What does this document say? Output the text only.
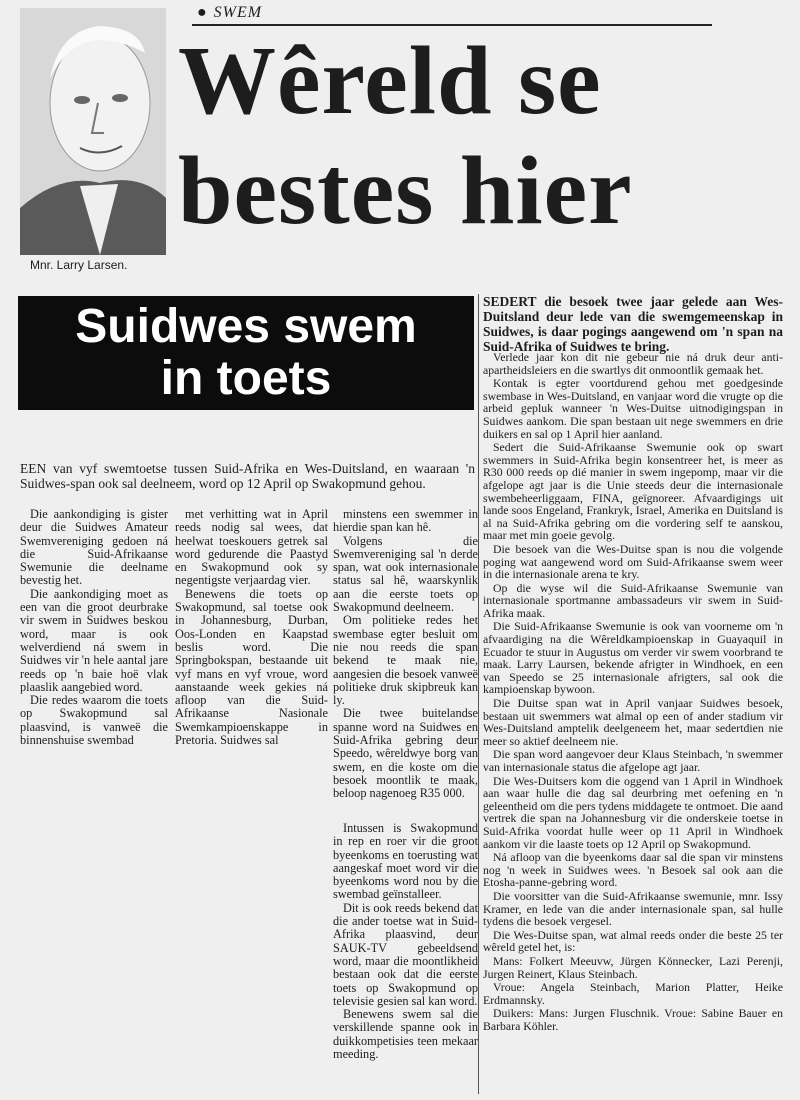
Mnr. Larry Larsen.
● SWEM
Wêreld se
bestes hier
Suidwes swem
in toets
SEDERT die besoek twee jaar gelede aan Wes-Duitsland deur lede van die swemgemeenskap in Suidwes, is daar pogings aangewend om 'n span na Suid-Afrika of Suidwes te bring.
EEN van vyf swemtoetse tussen Suid-Afrika en Wes-Duitsland, en waaraan 'n Suidwes-span ook sal deelneem, word op 12 April op Swakopmund gehou.

Die aankondiging is gister deur die Suidwes Amateur Swemvereniging gedoen ná die Suid-Afrikaanse Swemunie die deelname bevestig het.

Die aankondiging moet as een van die groot deurbrake vir swem in Suidwes beskou word, maar is ook welverdiend ná swem in Suidwes vir 'n hele aantal jare reeds op 'n baie hoë vlak plaaslik aangebied word.

Die redes waarom die toets op Swakopmund sal plaasvind, is vanweë die binnenshuise swembad

met verhitting wat in April reeds nodig sal wees, dat heelwat toeskouers getrek sal word gedurende die Paastyd en Swakopmund ook sy negentigste verjaardag vier.

Benewens die toets op Swakopmund, sal toetse ook in Johannesburg, Durban, Oos-Londen en Kaapstad beslis word. Die Springbokspan, bestaande uit vyf mans en vyf vroue, word aanstaande week gekies ná afloop van die Suid-Afrikaanse Nasionale Swemkampioenskappe in Pretoria. Suidwes sal

minstens een swemmer in hierdie span kan hê.

Volgens die Swemvereniging sal 'n derde span, wat ook internasionale status sal hê, waarskynlik aan die eerste toets op Swakopmund deelneem.

Om politieke redes het swembase egter besluit om nie nou reeds die span bekend te maak nie, aangesien die besoek vanweë politieke druk skipbreuk kan ly.

Die twee buitelandse spanne word na Suidwes en Suid-Afrika gebring deur Speedo, wêreldwye borg van swem, en die koste om die besoek moontlik te maak, beloop nagenoeg R35 000.

Intussen is Swakopmund in rep en roer vir die groot byeenkoms en toerusting wat aangeskaf moet word vir die byeenkoms word nou by die swembad geïnstalleer.

Dit is ook reeds bekend dat die ander toetse wat in Suid-Afrika plaasvind, deur SAUK-TV gebeeldsend word, maar die moontlikheid bestaan ook dat die eerste toets op Swakopmund op televisie gesien sal kan word.

Benewens swem sal die verskillende spanne ook in duikkompetisies teen mekaar meeding.

Verlede jaar kon dit nie gebeur nie ná druk deur anti-apartheidsleiers en die swartlys dit onmoontlik gemaak het.

Kontak is egter voortdurend gehou met goedgesinde swembase in Wes-Duitsland, en vanjaar word die vrugte op die arbeid gepluk wanneer 'n Wes-Duitse uitnodigingspan in Suidwes aankom. Die span bestaan uit nege swemmers en drie duikers en sal op 1 April hier aanland.

Sedert die Suid-Afrikaanse Swemunie ook op swart swemmers in Suid-Afrika begin konsentreer het, is meer as R30 000 reeds op dié manier in swem ingepomp, maar vir die afgelope agt jaar is die Unie steeds deur die internasionale swembeheerliggaam, FINA, geïgnoreer. Afvaardigings uit lande soos Engeland, Frankryk, Israel, Amerika en Duitsland is al na Suid-Afrika gebring om die vordering self te aanskou, maar met min goeie gevolg.

Die besoek van die Wes-Duitse span is nou die volgende poging wat aangewend word om Suid-Afrikaanse swem weer in die internasionale arena te kry.

Op die wyse wil die Suid-Afrikaanse Swemunie van internasionale sportmanne ambassadeurs vir swem in Suid-Afrika maak.

Die Suid-Afrikaanse Swemunie is ook van voorneme om 'n afvaardiging na die Wêreldkampioenskap in Guayaquil in Ecuador te stuur in Augustus om verder vir swem voorbrand te maak. Larry Laursen, bekende afrigter in Windhoek, en een van Speedo se 25 internasionale afrigters, sal ook die kampioenskap bywoon.

Die Duitse span wat in April vanjaar Suidwes besoek, bestaan uit swemmers wat almal op een of ander stadium vir Wes-Duitsland amptelik deelgeneem het, maar sedertdien nie meer so aktief deelneem nie.

Die span word aangevoer deur Klaus Steinbach, 'n swemmer van internasionale status die afgelope agt jaar.

Die Wes-Duitsers kom die oggend van 1 April in Windhoek aan waar hulle die dag sal deurbring met oefening en 'n geleentheid om die pers tydens middagete te ontmoet. Die aand vertrek die span na Johannesburg vir die onderskeie toetse in Suid-Afrika voordat hulle weer op 11 April in Windhoek aankom vir die laaste toets op 12 April op Swakopmund.

Ná afloop van die byeenkoms daar sal die span vir minstens nog 'n week in Suidwes wees. 'n Besoek sal ook aan die Etosha-panne-gebring word.

Die voorsitter van die Suid-Afrikaanse swemunie, mnr. Issy Kramer, en lede van die ander internasionale span, sal hulle tydens die besoek vergesel.

Die Wes-Duitse span, wat almal reeds onder die beste 25 ter wêreld getel het, is:

Mans: Folkert Meeuvw, Jürgen Könnecker, Lazi Perenji, Jurgen Reinert, Klaus Steinbach.

Vroue: Angela Steinbach, Marion Platter, Heike Erdmannsky.

Duikers: Mans: Jurgen Fluschnik. Vroue: Sabine Bauer en Barbara Köhler.
